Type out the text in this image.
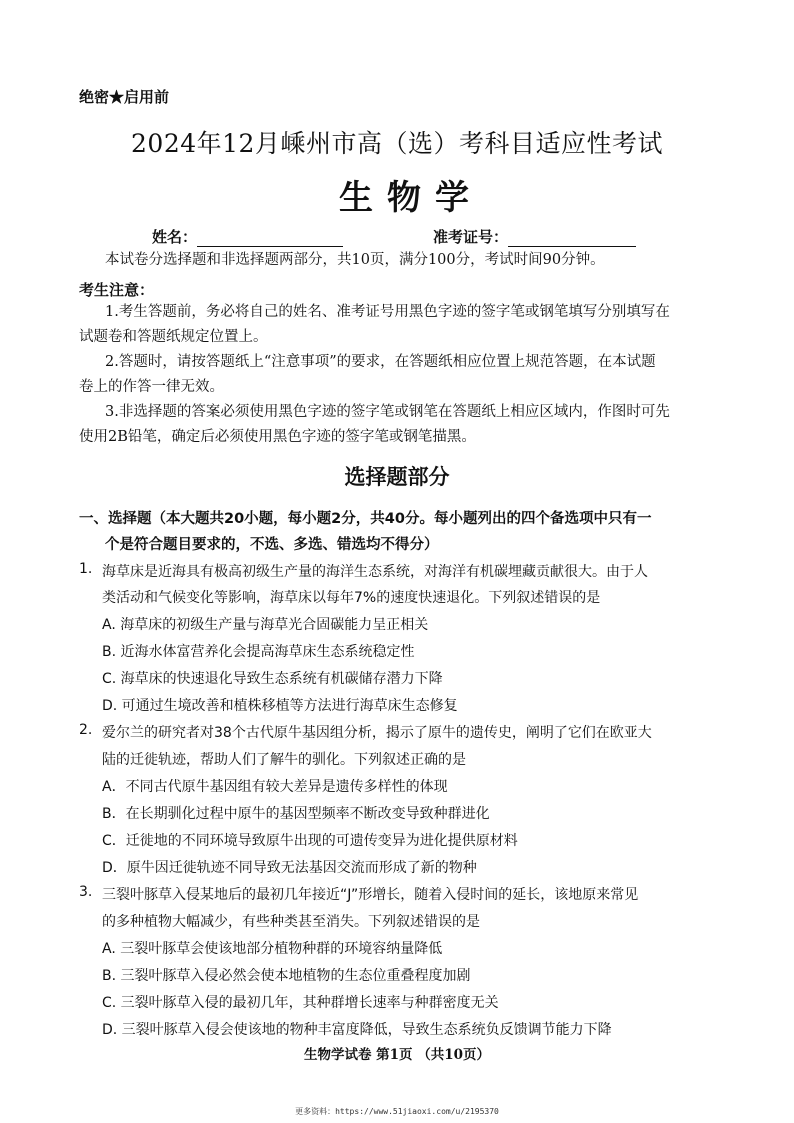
绝密★启用前
2024年12月嵊州市高（选）考科目适应性考试
生物学
姓名：	准考证号：
本试卷分选择题和非选择题两部分，共10页，满分100分，考试时间90分钟。
考生注意：
1.考生答题前，务必将自己的姓名、准考证号用黑色字迹的签字笔或钢笔填写分别填写在
试题卷和答题纸规定位置上。
2.答题时，请按答题纸上“注意事项”的要求，在答题纸相应位置上规范答题，在本试题
卷上的作答一律无效。
3.非选择题的答案必须使用黑色字迹的签字笔或钢笔在答题纸上相应区域内，作图时可先
使用2B铅笔，确定后必须使用黑色字迹的签字笔或钢笔描黑。
选择题部分
一、选择题（本大题共20小题，每小题2分，共40分。每小题列出的四个备选项中只有一
个是符合题目要求的，不选、多选、错选均不得分）
1. 海草床是近海具有极高初级生产量的海洋生态系统，对海洋有机碳埋藏贡献很大。由于人
类活动和气候变化等影响，海草床以每年7%的速度快速退化。下列叙述错误的是
A. 海草床的初级生产量与海草光合固碳能力呈正相关
B. 近海水体富营养化会提高海草床生态系统稳定性
C. 海草床的快速退化导致生态系统有机碳储存潜力下降
D. 可通过生境改善和植株移植等方法进行海草床生态修复
2. 爱尔兰的研究者对38个古代原牛基因组分析，揭示了原牛的遗传史，阐明了它们在欧亚大
陆的迁徙轨迹，帮助人们了解牛的驯化。下列叙述正确的是
A．不同古代原牛基因组有较大差异是遗传多样性的体现
B．在长期驯化过程中原牛的基因型频率不断改变导致种群进化
C．迁徙地的不同环境导致原牛出现的可遗传变异为进化提供原材料
D．原牛因迁徙轨迹不同导致无法基因交流而形成了新的物种
3. 三裂叶豚草入侵某地后的最初几年接近“J”形增长，随着入侵时间的延长，该地原来常见
的多种植物大幅减少，有些种类甚至消失。下列叙述错误的是
A. 三裂叶豚草会使该地部分植物种群的环境容纳量降低
B. 三裂叶豚草入侵必然会使本地植物的生态位重叠程度加剧
C. 三裂叶豚草入侵的最初几年，其种群增长速率与种群密度无关
D. 三裂叶豚草入侵会使该地的物种丰富度降低，导致生态系统负反馈调节能力下降
生物学试卷 第1页 （共10页）
更多资料：https://www.51jiaoxi.com/u/2195370
